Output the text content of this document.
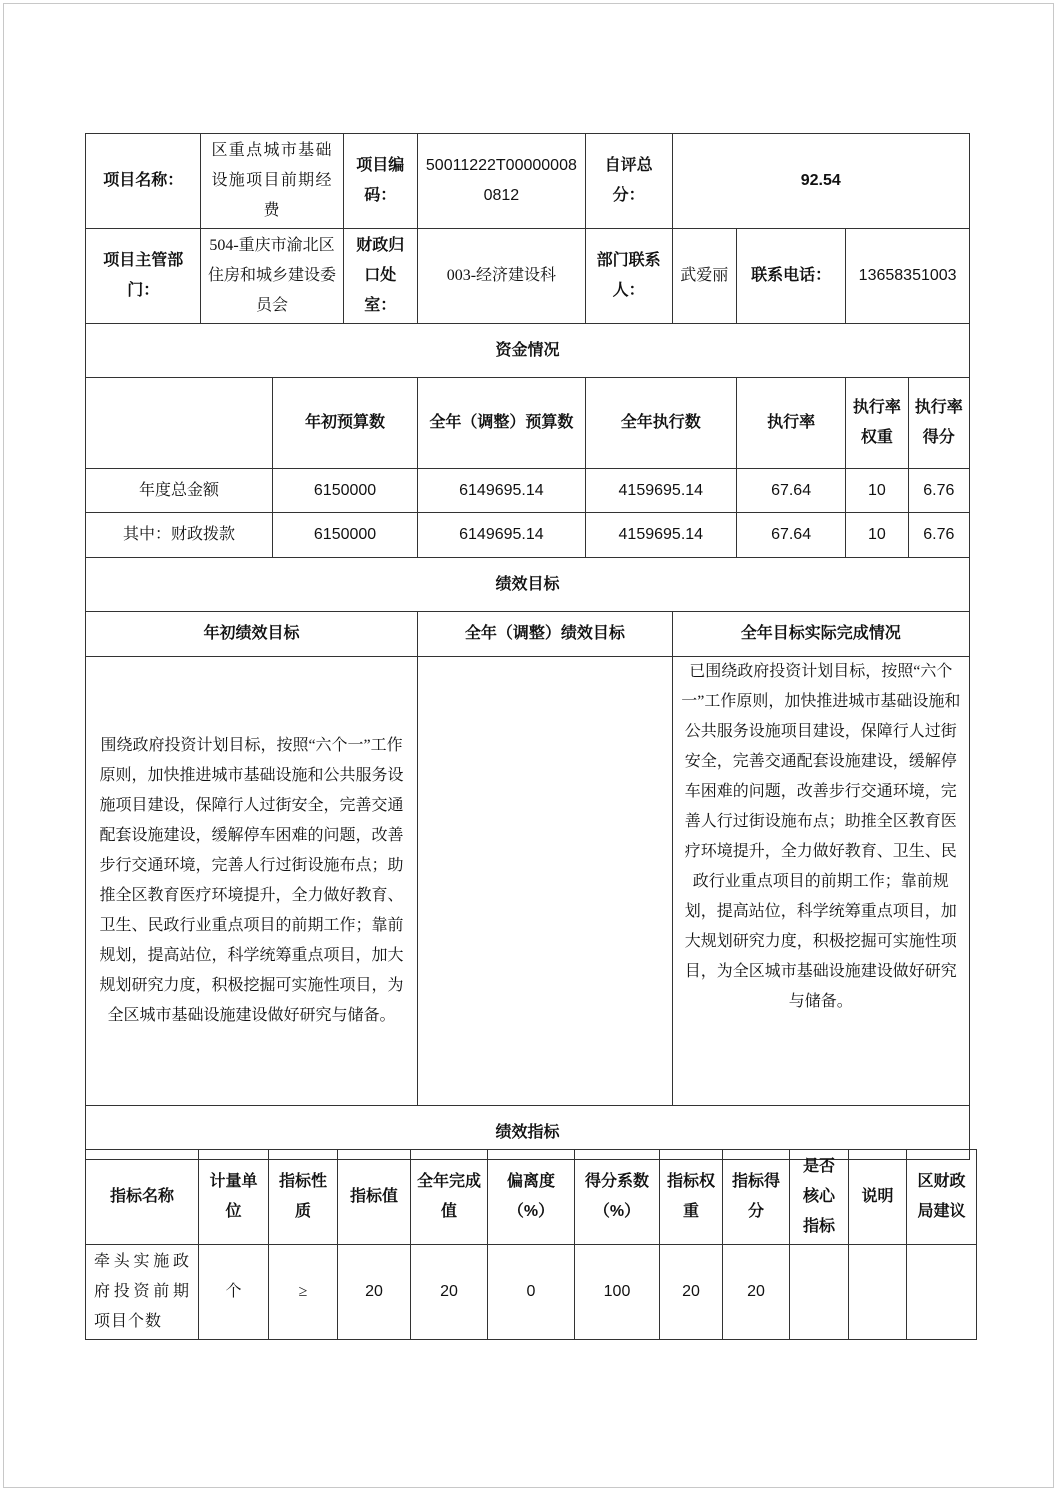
项目名称：	区重点城市基础设施项目前期经费		项目编码：	50011222T000000080812	自评总分：	92.54			
项目主管部门：	504-重庆市渝北区住房和城乡建设委员会		财政归口处室：	003-经济建设科	部门联系人：	武爱丽	联系电话：	13658351003	
资金情况									
		年初预算数		全年（调整）预算数	全年执行数		执行率	执行率权重	执行率得分
年度总金额		6150000		6149695.14	4159695.14		67.64	10	6.76
其中：财政拨款		6150000		6149695.14	4159695.14		67.64	10	6.76
绩效目标									
年初绩效目标				全年（调整）绩效目标		全年目标实际完成情况			
围绕政府投资计划目标，按照“六个一”工作原则，加快推进城市基础设施和公共服务设施项目建设，保障行人过街安全，完善交通配套设施建设，缓解停车困难的问题，改善步行交通环境，完善人行过街设施布点；助推全区教育医疗环境提升，全力做好教育、卫生、民政行业重点项目的前期工作；靠前规划，提高站位，科学统筹重点项目，加大规划研究力度，积极挖掘可实施性项目，为全区城市基础设施建设做好研究与储备。						已围绕政府投资计划目标，按照“六个一”工作原则，加快推进城市基础设施和公共服务设施项目建设，保障行人过街安全，完善交通配套设施建设，缓解停车困难的问题，改善步行交通环境，完善人行过街设施布点；助推全区教育医疗环境提升，全力做好教育、卫生、民政行业重点项目的前期工作；靠前规划，提高站位，科学统筹重点项目，加大规划研究力度，积极挖掘可实施性项目，为全区城市基础设施建设做好研究与储备。			
绩效指标									
指标名称	计量单位	指标性质	指标值	全年完成值	偏离度（%）	得分系数（%）	指标权重	指标得分	是否核心指标	说明	区财政局建议
牵头实施政府投资前期项目个数	个	≥	20	20	0	100	20	20			
